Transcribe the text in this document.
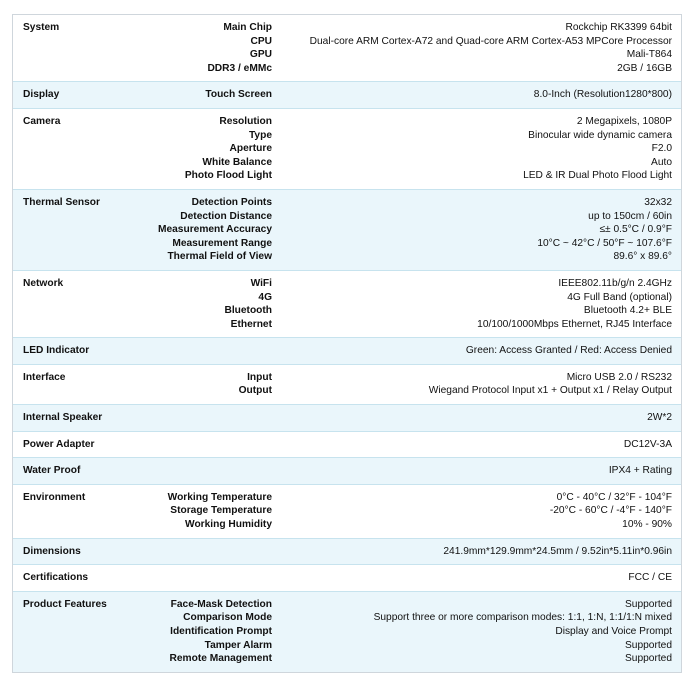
System	Main Chip	Rockchip RK3399 64bit
CPU	Dual-core ARM Cortex-A72 and Quad-core ARM Cortex-A53 MPCore Processor
GPU	Mali-T864
DDR3 / eMMc	2GB / 16GB
Display	Touch Screen	8.0-Inch (Resolution1280*800)
Camera	Resolution	2 Megapixels, 1080P
Type	Binocular wide dynamic camera
Aperture	F2.0
White Balance	Auto
Photo Flood Light	LED & IR Dual Photo Flood Light
Thermal Sensor	Detection Points	32x32
Detection Distance	up to 150cm / 60in
Measurement Accuracy	≤± 0.5°C / 0.9°F
Measurement Range	10°C ~ 42°C / 50°F ~ 107.6°F
Thermal Field of View	89.6° x 89.6°
Network	WiFi	IEEE802.11b/g/n 2.4GHz
4G	4G Full Band (optional)
Bluetooth	Bluetooth 4.2+ BLE
Ethernet	10/100/1000Mbps Ethernet, RJ45 Interface
LED Indicator	Green: Access Granted / Red: Access Denied
Interface	Input	Micro USB 2.0 / RS232
Output	Wiegand Protocol Input x1 + Output x1 / Relay Output
Internal Speaker	2W*2
Power Adapter	DC12V-3A
Water Proof	IPX4 + Rating
Environment	Working Temperature	0°C - 40°C / 32°F - 104°F
Storage Temperature	-20°C - 60°C / -4°F - 140°F
Working Humidity	10% - 90%
Dimensions	241.9mm*129.9mm*24.5mm / 9.52in*5.11in*0.96in
Certifications	FCC / CE
Product Features	Face-Mask Detection	Supported
Comparison Mode	Support three or more comparison modes: 1:1, 1:N, 1:1/1:N mixed
Identification Prompt	Display and Voice Prompt
Tamper Alarm	Supported
Remote Management	Supported
